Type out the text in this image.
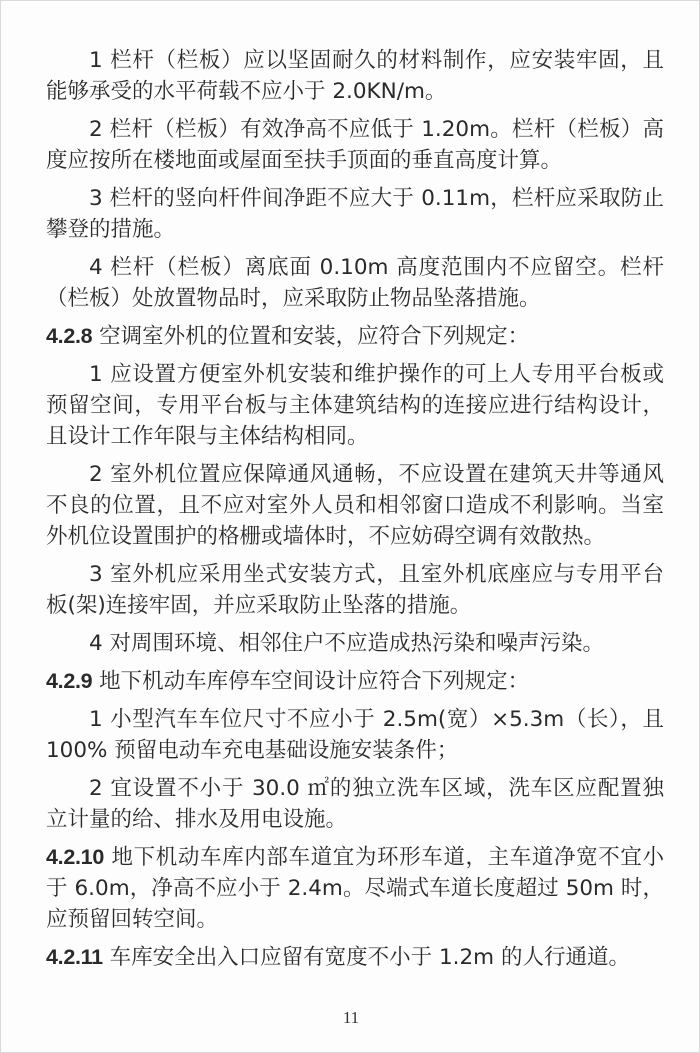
1 栏杆（栏板）应以坚固耐久的材料制作，应安装牢固，且能够承受的水平荷载不应小于 2.0KN/m。

2 栏杆（栏板）有效净高不应低于 1.20m。栏杆（栏板）高度应按所在楼地面或屋面至扶手顶面的垂直高度计算。

3 栏杆的竖向杆件间净距不应大于 0.11m，栏杆应采取防止攀登的措施。

4 栏杆（栏板）离底面 0.10m 高度范围内不应留空。栏杆（栏板）处放置物品时，应采取防止物品坠落措施。

4.2.8 空调室外机的位置和安装，应符合下列规定：

1 应设置方便室外机安装和维护操作的可上人专用平台板或预留空间，专用平台板与主体建筑结构的连接应进行结构设计，且设计工作年限与主体结构相同。

2 室外机位置应保障通风通畅，不应设置在建筑天井等通风不良的位置，且不应对室外人员和相邻窗口造成不利影响。当室外机位设置围护的格栅或墙体时，不应妨碍空调有效散热。

3 室外机应采用坐式安装方式，且室外机底座应与专用平台板(架)连接牢固，并应采取防止坠落的措施。

4 对周围环境、相邻住户不应造成热污染和噪声污染。

4.2.9 地下机动车库停车空间设计应符合下列规定：

1 小型汽车车位尺寸不应小于 2.5m(宽）×5.3m（长），且 100% 预留电动车充电基础设施安装条件；

2 宜设置不小于 30.0 ㎡的独立洗车区域，洗车区应配置独立计量的给、排水及用电设施。

4.2.10 地下机动车库内部车道宜为环形车道，主车道净宽不宜小于 6.0m，净高不应小于 2.4m。尽端式车道长度超过 50m 时，应预留回转空间。

4.2.11 车库安全出入口应留有宽度不小于 1.2m 的人行通道。

11
